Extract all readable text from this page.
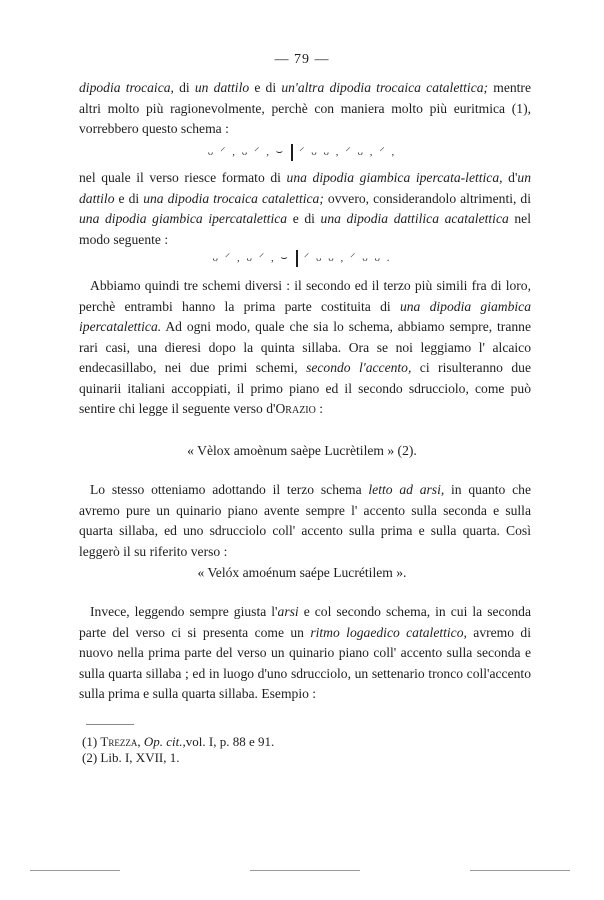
— 79 —

dipodia trocaica, di un dattilo e di un'altra dipodia trocaica catalettica; mentre altri molto più ragionevolmente, perchè con maniera molto più euritmica (1), vorrebbero questo schema :

ᴗ ⸍ , ᴗ ⸍ , ⌣ ⸍ ᴗ ᴗ , ⸍ ᴗ , ⸍ ,

nel quale il verso riesce formato di una dipodia giambica ipercata-lettica, d'un dattilo e di una dipodia trocaica catalettica; ovvero, considerandolo altrimenti, di una dipodia giambica ipercatalettica e di una dipodia dattilica acatalettica nel modo seguente :

ᴗ ⸍ , ᴗ ⸍ , ⌣ ⸍ ᴗ ᴗ , ⸍ ᴗ ᴗ .

Abbiamo quindi tre schemi diversi : il secondo ed il terzo più simili fra di loro, perchè entrambi hanno la prima parte costituita di una dipodia giambica ipercatalettica. Ad ogni modo, quale che sia lo schema, abbiamo sempre, tranne rari casi, una dieresi dopo la quinta sillaba. Ora se noi leggiamo l' alcaico endecasillabo, nei due primi schemi, secondo l'accento, ci risulteranno due quinarii italiani accoppiati, il primo piano ed il secondo sdrucciolo, come può sentire chi legge il seguente verso d'Orazio :

« Vèlox amoènum saèpe Lucrètilem » (2).

Lo stesso otteniamo adottando il terzo schema letto ad arsi, in quanto che avremo pure un quinario piano avente sempre l' accento sulla seconda e sulla quarta sillaba, ed uno sdrucciolo coll' accento sulla prima e sulla quarta. Così leggerò il su riferito verso :

« Velóx amoénum saépe Lucrétilem ».

Invece, leggendo sempre giusta l'arsi e col secondo schema, in cui la seconda parte del verso ci si presenta come un ritmo logaedico catalettico, avremo di nuovo nella prima parte del verso un quinario piano coll' accento sulla seconda e sulla quarta sillaba ; ed in luogo d'uno sdrucciolo, un settenario tronco coll'accento sulla prima e sulla quarta sillaba. Esempio :

(1) Trezza, Op. cit.,vol. I, p. 88 e 91.

(2) Lib. I, XVII, 1.
